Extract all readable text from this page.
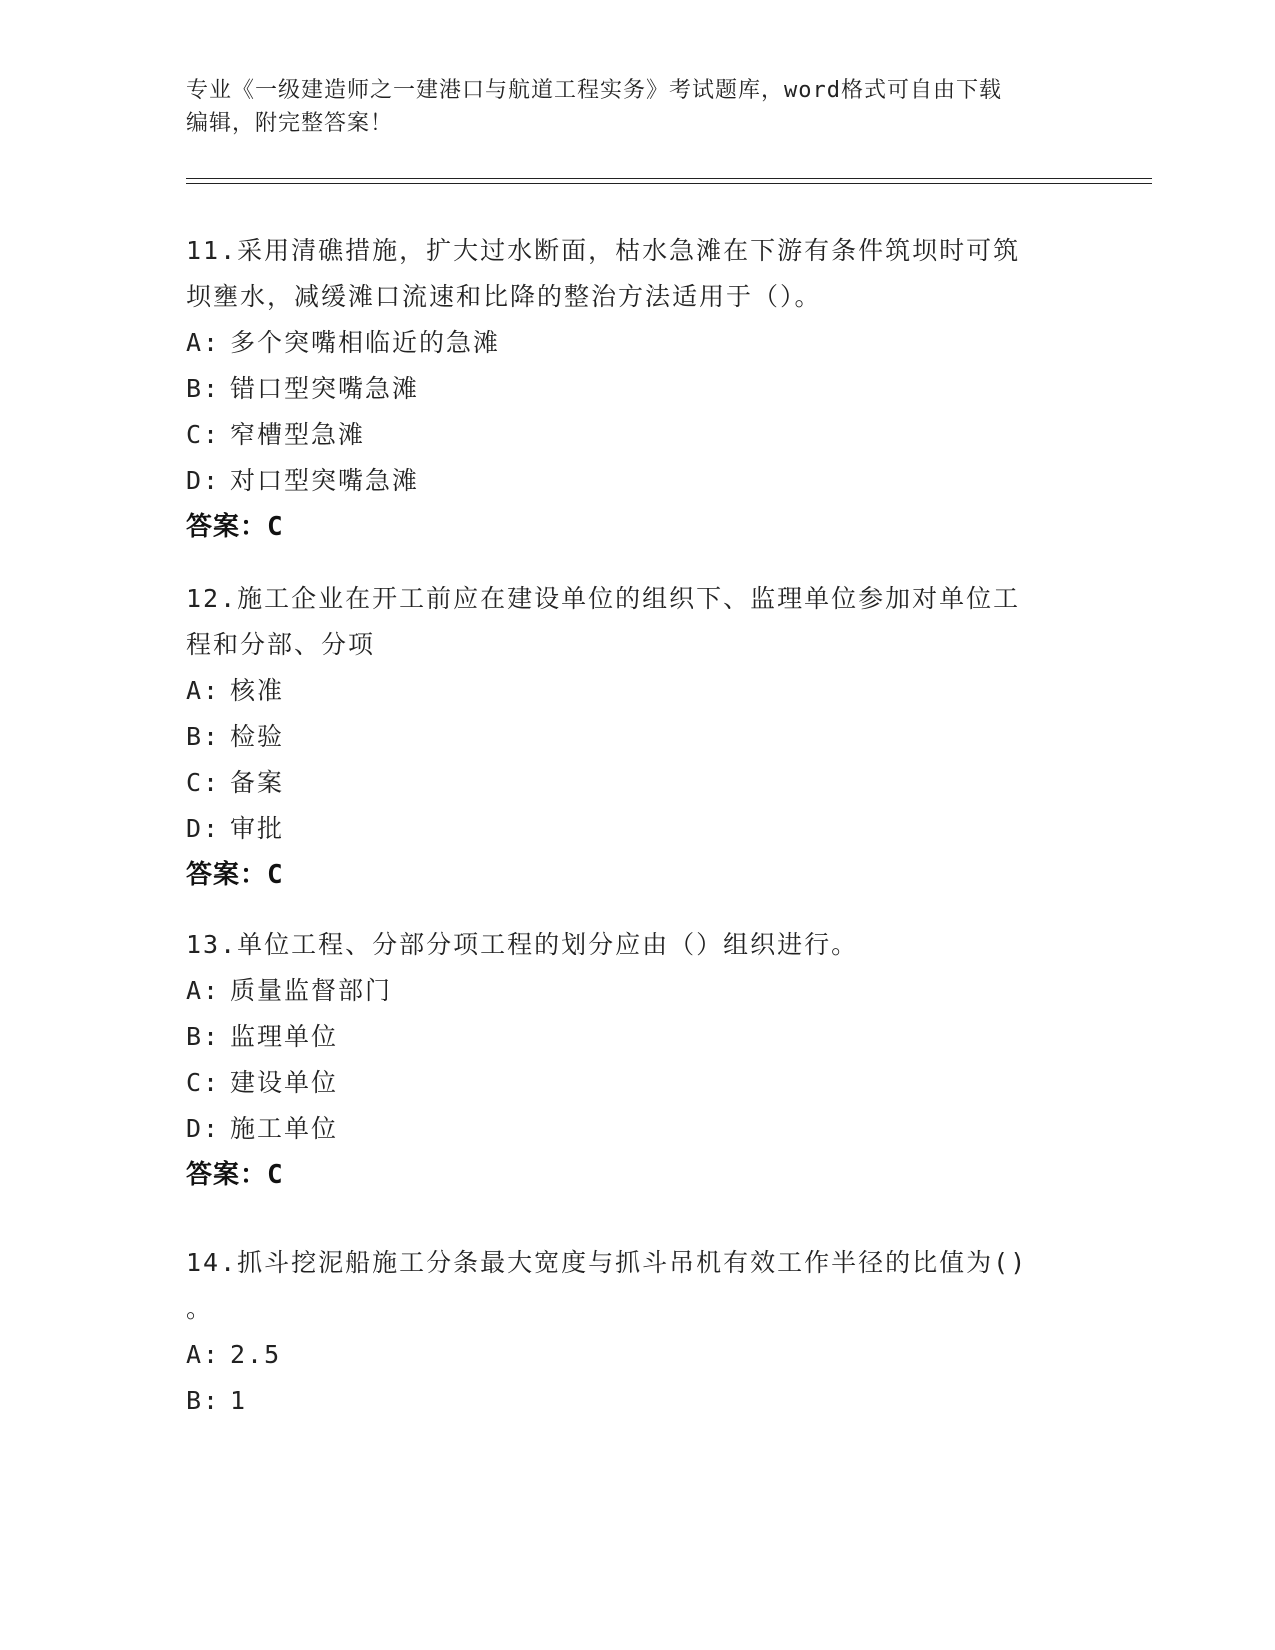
专业《一级建造师之一建港口与航道工程实务》考试题库，word格式可自由下载
编辑，附完整答案！

11.采用清礁措施，扩大过水断面，枯水急滩在下游有条件筑坝时可筑

坝壅水，减缓滩口流速和比降的整治方法适用于（）。

A: 多个突嘴相临近的急滩
B: 错口型突嘴急滩
C: 窄槽型急滩
D: 对口型突嘴急滩
答案：C

12.施工企业在开工前应在建设单位的组织下、监理单位参加对单位工

程和分部、分项

A: 核准
B: 检验
C: 备案
D: 审批
答案：C

13.单位工程、分部分项工程的划分应由（）组织进行。

A: 质量监督部门
B: 监理单位
C: 建设单位
D: 施工单位
答案：C

14.抓斗挖泥船施工分条最大宽度与抓斗吊机有效工作半径的比值为()

。

A: 2.5
B: 1
